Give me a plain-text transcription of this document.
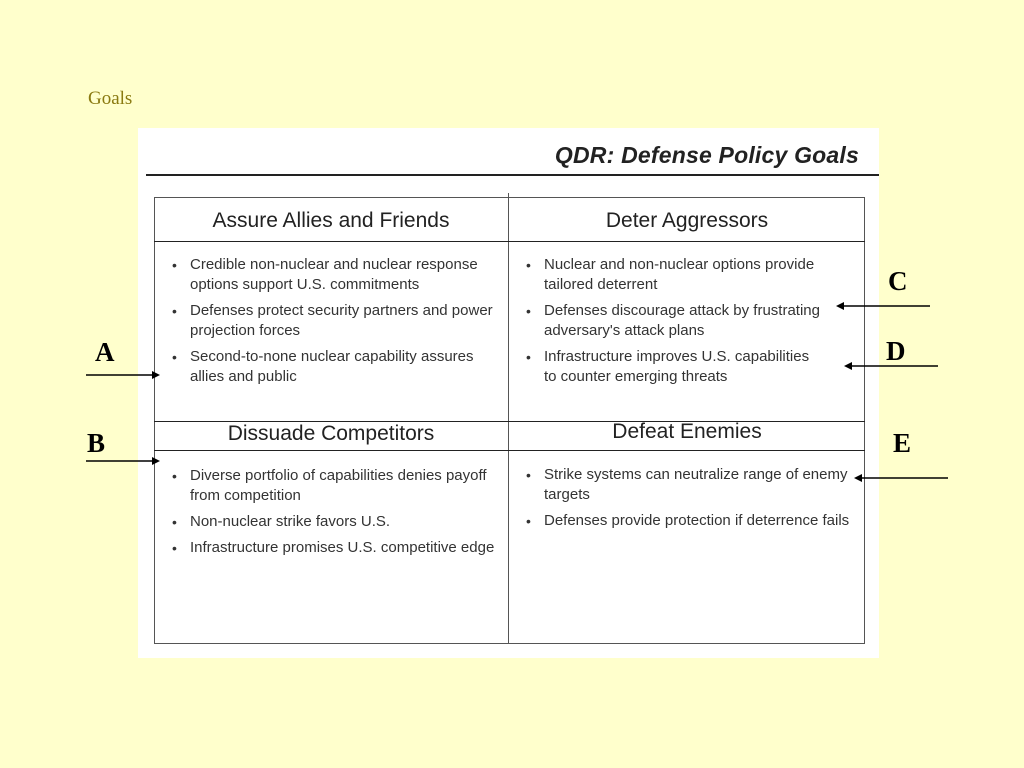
Goals
QDR: Defense Policy Goals
Assure Allies and Friends	Deter Aggressors
Dissuade Competitors	Defeat Enemies
• Credible non-nuclear and nuclear response options support U.S. commitments
• Defenses protect security partners and power projection forces
• Second-to-none nuclear capability assures allies and public
• Nuclear and non-nuclear options provide tailored deterrent
• Defenses discourage attack by frustrating adversary's attack plans
• Infrastructure improves U.S. capabilities to counter emerging threats
• Diverse portfolio of capabilities denies payoff from competition
• Non-nuclear strike favors U.S.
• Infrastructure promises U.S. competitive edge
• Strike systems can neutralize range of enemy targets
• Defenses provide protection if deterrence fails
A
B
C
D
E
